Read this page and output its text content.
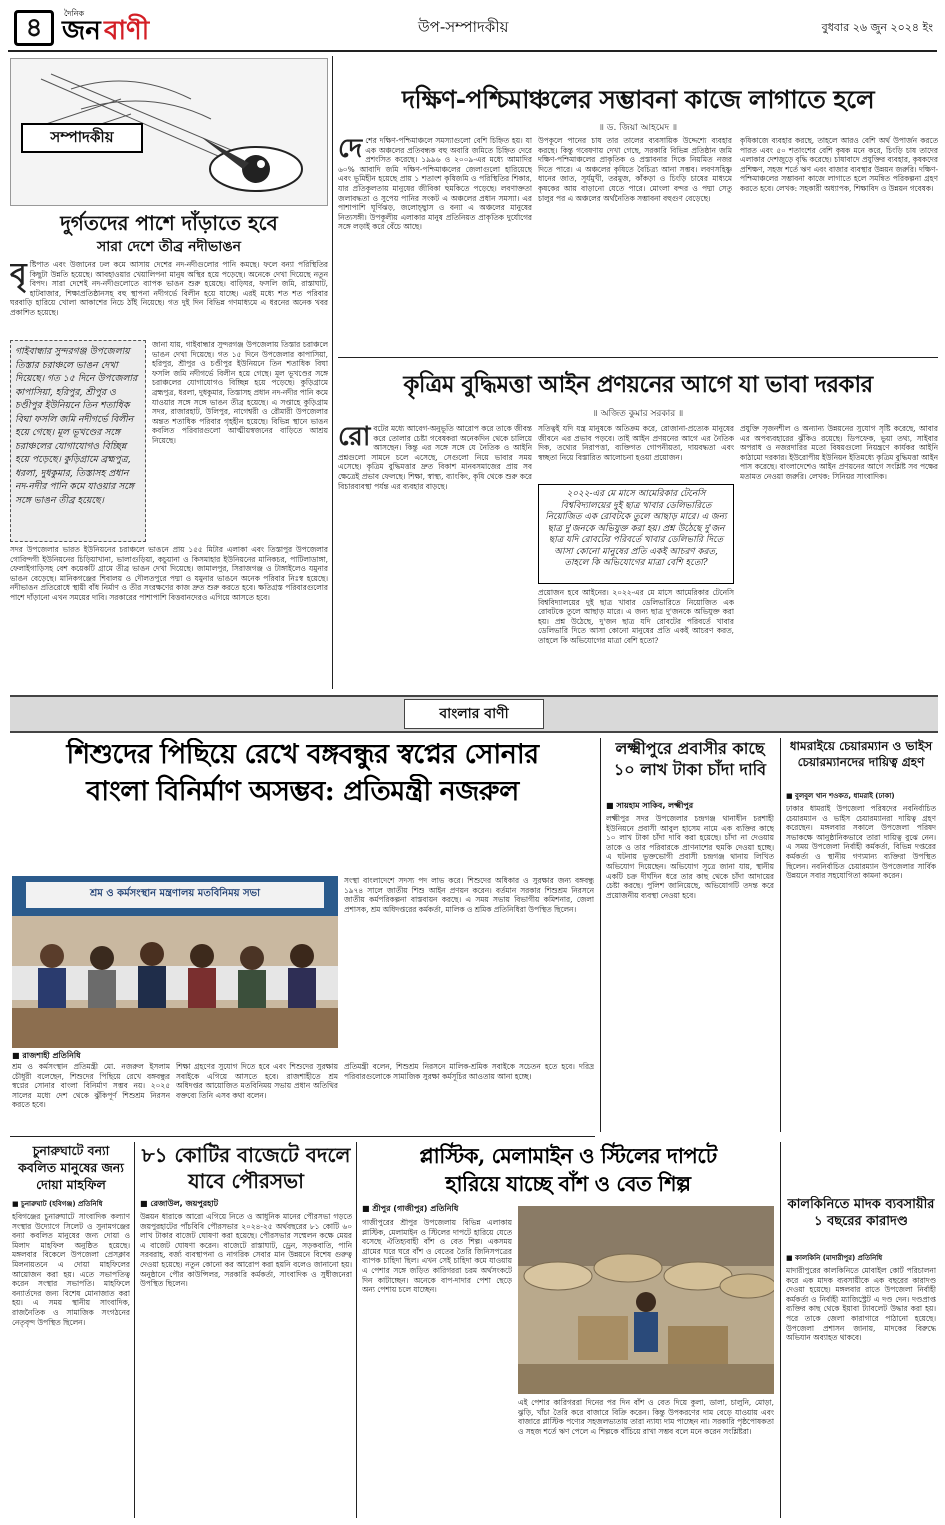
৪	দৈনিক
জন বাণী	উপ-সম্পাদকীয়	বুধবার ২৬ জুন ২০২৪ ইং
সম্পাদকীয়
দুর্গতদের পাশে দাঁড়াতে হবে
সারা দেশে তীব্র নদীভাঙন
বৃ ষ্টিপাত এবং উজানের ঢল কমে আসায় দেশের নদ-নদীগুলোর পানি কমছে। ফলে বন্যা পরিস্থিতির কিছুটা উন্নতি হয়েছে। আবহাওয়ার খেয়ালিপনা মানুষ অস্থির হয়ে পড়েছে। অনেকে দেখা দিয়েছে নতুন বিপদ। সারা দেশেই নদ-নদীগুলোতে ব্যাপক ভাঙন শুরু হয়েছে। বাড়িঘর, ফসলি জমি, রাস্তাঘাট, হাটবাজার, শিক্ষাপ্রতিষ্ঠানসহ বহু স্থাপনা নদীগর্ভে বিলীন হয়ে যাচ্ছে। এরই মধ্যে শত শত পরিবার ঘরবাড়ি হারিয়ে খোলা আকাশের নিচে ঠাঁই নিয়েছে। গত দুই দিন বিভিন্ন গণমাধ্যমে এ ধরনের অনেক খবর প্রকাশিত হয়েছে।
গাইবান্ধার সুন্দরগঞ্জ উপজেলায় তিস্তার চরাঞ্চলে ভাঙন দেখা দিয়েছে। গত ১৫ দিনে উপজেলার কাপাসিয়া, হরিপুর, শ্রীপুর ও চণ্ডীপুর ইউনিয়নে তিন শতাধিক বিঘা ফসলি জমি নদীগর্ভে বিলীন হয়ে গেছে। মূল ভূখণ্ডের সঙ্গে চরাঞ্চলের যোগাযোগও বিচ্ছিন্ন হয়ে পড়েছে। কুড়িগ্রামে ব্রহ্মপুত্র, ধরলা, দুধকুমার, তিস্তাসহ প্রধান নদ-নদীর পানি কমে যাওয়ার সঙ্গে সঙ্গে ভাঙন তীব্র হয়েছে।
জানা যায়, গাইবান্ধার সুন্দরগঞ্জ উপজেলায় তিস্তার চরাঞ্চলে ভাঙন দেখা দিয়েছে। গত ১৫ দিনে উপজেলার কাপাসিয়া, হরিপুর, শ্রীপুর ও চণ্ডীপুর ইউনিয়নে তিন শতাধিক বিঘা ফসলি জমি নদীগর্ভে বিলীন হয়ে গেছে। মূল ভূখণ্ডের সঙ্গে চরাঞ্চলের যোগাযোগও বিচ্ছিন্ন হয়ে পড়েছে। কুড়িগ্রামে ব্রহ্মপুত্র, ধরলা, দুধকুমার, তিস্তাসহ প্রধান নদ-নদীর পানি কমে যাওয়ার সঙ্গে সঙ্গে ভাঙন তীব্র হয়েছে। এ সপ্তাহে কুড়িগ্রাম সদর, রাজারহাট, উলিপুর, নাগেশ্বরী ও রৌমারী উপজেলার অন্তত শতাধিক পরিবার গৃহহীন হয়েছে। বিভিন্ন স্থানে ভাঙন কবলিত পরিবারগুলো আত্মীয়স্বজনের বাড়িতে আশ্রয় নিয়েছে।
সদর উপজেলার ভারত ইউনিয়নের চরাঞ্চলে ভাঙনে প্রায় ১৫৫ মিটার এলাকা এবং তিস্তাপুর উপজেলার গোবিন্দগী ইউনিয়নের চিড়িয়াখানা, ভালাগুড়িয়া, কচুয়ানা ও কিসমাহার ইউনিয়নের মানিকচর, পাটিলাডাঙ্গা, ফেলাইগাড়িসহ বেশ কয়েকটি গ্রামে তীব্র ভাঙন দেখা দিয়েছে। জামালপুর, সিরাজগঞ্জ ও টাঙ্গাইলেও যমুনার ভাঙন বেড়েছে। মানিকগঞ্জের শিবালয় ও দৌলতপুরে পদ্মা ও যমুনার ভাঙনে অনেক পরিবার নিঃস্ব হয়েছে। নদীভাঙন প্রতিরোধে স্থায়ী বাঁধ নির্মাণ ও তীর সংরক্ষণের কাজ দ্রুত শুরু করতে হবে। ক্ষতিগ্রস্ত পরিবারগুলোর পাশে দাঁড়ানো এখন সময়ের দাবি। সরকারের পাশাপাশি বিত্তবানদেরও এগিয়ে আসতে হবে।
দক্ষিণ-পশ্চিমাঞ্চলের সম্ভাবনা কাজে লাগাতে হলে
॥ ড. জিয়া আহমেদ ॥
দে শের দক্ষিণ-পশ্চিমাঞ্চলে সমস্যাগুলো বেশি চিহ্নিত হয়। যা এক অঞ্চলের প্রতিবন্ধক বহু অবারি জমিতে চিহ্নিত দেরে প্রশংসিত করেছে। ১৯৯৬ ও ২০০৯-এর মধ্যে আমাদির ৬০% আবাদি জমি দক্ষিণ-পশ্চিমাঞ্চলের জেলাগুলো হারিয়েছে এবং ভূমিহীন হয়েছে প্রায় ১ শতাংশ কৃষিজমি ও পরিস্থিতির শিকার, যার প্রতিকূলতায় মানুষের জীবিকা হুমকিতে পড়েছে। লবণাক্ততা জলাবদ্ধতা ও সুপেয় পানির সংকট এ অঞ্চলের প্রধান সমস্যা। এর পাশাপাশি ঘূর্ণিঝড়, জলোচ্ছ্বাস ও বন্যা এ অঞ্চলের মানুষের নিত্যসঙ্গী। উপকূলীয় এলাকার মানুষ প্রতিনিয়ত প্রাকৃতিক দুর্যোগের সঙ্গে লড়াই করে বেঁচে আছে।
উপকূলে পানের চাষ তার তালের ব্যবসায়িক উদ্দেশ্যে ব্যবহার করছে। কিন্তু গবেষণায় দেখা গেছে, সরকারি বিভিন্ন প্রতিষ্ঠান জমি দক্ষিণ-পশ্চিমাঞ্চলের প্রাকৃতিক ও প্রস্তাবনার দিকে নিয়মিত নজর দিতে পারে। এ অঞ্চলের কৃষিতে বৈচিত্র্য আনা সম্ভব। লবণসহিষ্ণু ধানের জাত, সূর্যমুখী, তরমুজ, কাঁকড়া ও চিংড়ি চাষের মাধ্যমে কৃষকের আয় বাড়ানো যেতে পারে। মোংলা বন্দর ও পদ্মা সেতু চালুর পর এ অঞ্চলের অর্থনৈতিক সম্ভাবনা বহুগুণ বেড়েছে।
কৃষিকাজে ব্যবহার করছে, তাহলে আরও বেশি অর্থ উপার্জন করতে পারত এবং ৫০ শতাংশের বেশি কৃষক মনে করে, চিংড়ি চাষ তাদের এলাকার দেশজুড়ে বৃদ্ধি করেছে। চাষাবাদে প্রযুক্তির ব্যবহার, কৃষকদের প্রশিক্ষণ, সহজ শর্তে ঋণ এবং বাজার ব্যবস্থার উন্নয়ন জরুরি। দক্ষিণ-পশ্চিমাঞ্চলের সম্ভাবনা কাজে লাগাতে হলে সমন্বিত পরিকল্পনা গ্রহণ করতে হবে। লেখক: সহকারী অধ্যাপক, শিক্ষাবিদ ও উন্নয়ন গবেষক।
কৃত্রিম বুদ্ধিমত্তা আইন প্রণয়নের আগে যা ভাবা দরকার
॥ অজিত কুমার সরকার ॥
রো বটের মধ্যে আবেগ-অনুভূতি আরোপ করে তাকে জীবন্ত করে তোলার চেষ্টা গবেষকরা অনেকদিন থেকে চালিয়ে আসছেন। কিন্তু এর সঙ্গে সঙ্গে যে নৈতিক ও আইনি প্রশ্নগুলো সামনে চলে এসেছে, সেগুলো নিয়ে ভাবার সময় এসেছে। কৃত্রিম বুদ্ধিমত্তার দ্রুত বিকাশ মানবসমাজের প্রায় সব ক্ষেত্রেই প্রভাব ফেলছে। শিক্ষা, স্বাস্থ্য, ব্যাংকিং, কৃষি থেকে শুরু করে বিচারব্যবস্থা পর্যন্ত এর ব্যবহার বাড়ছে।
সতিত্বই যদি যন্ত্র মানুষকে অতিক্রম করে, রোজানা-প্রত্যেক মানুষের জীবনে এর প্রভাব পড়বে। তাই আইন প্রণয়নের আগে এর নৈতিক দিক, তথ্যের নিরাপত্তা, ব্যক্তিগত গোপনীয়তা, দায়বদ্ধতা এবং স্বচ্ছতা নিয়ে বিস্তারিত আলোচনা হওয়া প্রয়োজন।
২০২২-এর মে মাসে আমেরিকার টেনেসি বিশ্ববিদ্যালয়ের দুই ছাত্র খাবার ডেলিভারিতে নিয়োজিত এক রোবটকে তুলে আছাড় মারে। এ জন্য ছাত্র দু'জনকে অভিযুক্ত করা হয়। প্রশ্ন উঠেছে দু'জন ছাত্র যদি রোবটের পরিবর্তে খাবার ডেলিভারি দিতে আসা কোনো মানুষের প্রতি একই আচরণ করত, তাহলে কি অভিযোগের মাত্রা বেশি হতো?
প্রয়োজন হবে আইনের। ২০২২-এর মে মাসে আমেরিকার টেনেসি বিশ্ববিদ্যালয়ের দুই ছাত্র খাবার ডেলিভারিতে নিয়োজিত এক রোবটকে তুলে আছাড় মারে। এ জন্য ছাত্র দু'জনকে অভিযুক্ত করা হয়। প্রশ্ন উঠেছে, দু'জন ছাত্র যদি রোবটের পরিবর্তে খাবার ডেলিভারি দিতে আসা কোনো মানুষের প্রতি একই আচরণ করত, তাহলে কি অভিযোগের মাত্রা বেশি হতো?
প্রযুক্তি সৃজনশীল ও অন্যান্য উন্নয়নের সুযোগ সৃষ্টি করেছে, আবার এর অপব্যবহারের ঝুঁকিও রয়েছে। ডিপফেক, ভুয়া তথ্য, সাইবার অপরাধ ও নজরদারির মতো বিষয়গুলো নিয়ন্ত্রণে কার্যকর আইনি কাঠামো দরকার। ইউরোপীয় ইউনিয়ন ইতিমধ্যে কৃত্রিম বুদ্ধিমত্তা আইন পাস করেছে। বাংলাদেশেও আইন প্রণয়নের আগে সংশ্লিষ্ট সব পক্ষের মতামত নেওয়া জরুরি। লেখক: সিনিয়র সাংবাদিক।
বাংলার বাণী
শিশুদের পিছিয়ে রেখে বঙ্গবন্ধুর স্বপ্নের সোনার
বাংলা বিনির্মাণ অসম্ভব: প্রতিমন্ত্রী নজরুল
শ্রম ও কর্মসংস্থান মন্ত্রণালয় মতবিনিময় সভা
■ রাজশাহী প্রতিনিধি
শ্রম ও কর্মসংস্থান প্রতিমন্ত্রী মো. নজরুল ইসলাম চৌধুরী বলেছেন, শিশুদের পিছিয়ে রেখে বঙ্গবন্ধুর স্বপ্নের সোনার বাংলা বিনির্মাণ সম্ভব নয়। ২০২৫ সালের মধ্যে দেশ থেকে ঝুঁকিপূর্ণ শিশুশ্রম নিরসন করতে হবে।
শিক্ষা গ্রহণের সুযোগ দিতে হবে এবং শিশুদের সুরক্ষায় সবাইকে এগিয়ে আসতে হবে। রাজশাহীতে শ্রম অধিদপ্তর আয়োজিত মতবিনিময় সভায় প্রধান অতিথির বক্তব্যে তিনি এসব কথা বলেন।
সংস্থা বাংলাদেশে সদস্য পদ লাভ করে। শিশুদের অধিকার ও সুরক্ষার জন্য বঙ্গবন্ধু ১৯৭৪ সালে জাতীয় শিশু আইন প্রণয়ন করেন। বর্তমান সরকার শিশুশ্রম নিরসনে জাতীয় কর্মপরিকল্পনা বাস্তবায়ন করছে। এ সময় সভায় বিভাগীয় কমিশনার, জেলা প্রশাসক, শ্রম অধিদপ্তরের কর্মকর্তা, মালিক ও শ্রমিক প্রতিনিধিরা উপস্থিত ছিলেন।
প্রতিমন্ত্রী বলেন, শিশুশ্রম নিরসনে মালিক-শ্রমিক সবাইকে সচেতন হতে হবে। দরিদ্র পরিবারগুলোকে সামাজিক সুরক্ষা কর্মসূচির আওতায় আনা হচ্ছে।
লক্ষ্মীপুরে প্রবাসীর কাছে ১০ লাখ টাকা চাঁদা দাবি
■ সায়হাম সাকিব, লক্ষ্মীপুর
লক্ষ্মীপুর সদর উপজেলার চন্দ্রগঞ্জ থানাধীন চরশাহী ইউনিয়নে প্রবাসী আবুল হাসেম নামে এক ব্যক্তির কাছে ১০ লাখ টাকা চাঁদা দাবি করা হয়েছে। চাঁদা না দেওয়ায় তাকে ও তার পরিবারকে প্রাণনাশের হুমকি দেওয়া হচ্ছে। এ ঘটনায় ভুক্তভোগী প্রবাসী চন্দ্রগঞ্জ থানায় লিখিত অভিযোগ দিয়েছেন। অভিযোগ সূত্রে জানা যায়, স্থানীয় একটি চক্র দীর্ঘদিন ধরে তার কাছ থেকে চাঁদা আদায়ের চেষ্টা করছে। পুলিশ জানিয়েছে, অভিযোগটি তদন্ত করে প্রয়োজনীয় ব্যবস্থা নেওয়া হবে।
ধামরাইয়ে চেয়ারম্যান ও ভাইস চেয়ারম্যানদের দায়িত্ব গ্রহণ
■ বুলবুল খান শওকত, ধামরাই (ঢাকা)
ঢাকার ধামরাই উপজেলা পরিষদের নবনির্বাচিত চেয়ারম্যান ও ভাইস চেয়ারম্যানরা দায়িত্ব গ্রহণ করেছেন। মঙ্গলবার সকালে উপজেলা পরিষদ সভাকক্ষে আনুষ্ঠানিকভাবে তারা দায়িত্ব বুঝে নেন। এ সময় উপজেলা নির্বাহী কর্মকর্তা, বিভিন্ন দপ্তরের কর্মকর্তা ও স্থানীয় গণ্যমান্য ব্যক্তিরা উপস্থিত ছিলেন। নবনির্বাচিত চেয়ারম্যান উপজেলার সার্বিক উন্নয়নে সবার সহযোগিতা কামনা করেন।
চুনারুঘাটে বন্যা কবলিত মানুষের জন্য দোয়া মাহফিল
■ চুনারুঘাট (হবিগঞ্জ) প্রতিনিধি
হবিগঞ্জের চুনারুঘাটে সাংবাদিক কল্যাণ সংস্থার উদ্যোগে সিলেট ও সুনামগঞ্জের বন্যা কবলিত মানুষের জন্য দোয়া ও মিলাদ মাহফিল অনুষ্ঠিত হয়েছে। মঙ্গলবার বিকেলে উপজেলা প্রেসক্লাব মিলনায়তনে এ দোয়া মাহফিলের আয়োজন করা হয়। এতে সভাপতিত্ব করেন সংস্থার সভাপতি। মাহফিলে বন্যার্তদের জন্য বিশেষ মোনাজাত করা হয়। এ সময় স্থানীয় সাংবাদিক, রাজনৈতিক ও সামাজিক সংগঠনের নেতৃবৃন্দ উপস্থিত ছিলেন।
৮১ কোটির বাজেটে বদলে যাবে পৌরসভা
■ রেজাউল, জয়পুরহাট
উন্নয়ন ধারাকে আরো এগিয়ে নিতে ও আধুনিক মানের পৌরসভা গড়তে জয়পুরহাটের পাঁচবিবি পৌরসভার ২০২৪-২৫ অর্থবছরের ৮১ কোটি ৬০ লাখ টাকার বাজেট ঘোষণা করা হয়েছে। পৌরসভার সম্মেলন কক্ষে মেয়র এ বাজেট ঘোষণা করেন। বাজেটে রাস্তাঘাট, ড্রেন, সড়কবাতি, পানি সরবরাহ, বর্জ্য ব্যবস্থাপনা ও নাগরিক সেবার মান উন্নয়নে বিশেষ গুরুত্ব দেওয়া হয়েছে। নতুন কোনো কর আরোপ করা হয়নি বলেও জানানো হয়। অনুষ্ঠানে পৌর কাউন্সিলর, সরকারি কর্মকর্তা, সাংবাদিক ও সুধীজনেরা উপস্থিত ছিলেন।
প্লাস্টিক, মেলামাইন ও স্টিলের দাপটে
হারিয়ে যাচ্ছে বাঁশ ও বেত শিল্প
■ শ্রীপুর (গাজীপুর) প্রতিনিধি
গাজীপুরের শ্রীপুর উপজেলায় বিভিন্ন এলাকায় প্লাস্টিক, মেলামাইন ও স্টিলের দাপটে হারিয়ে যেতে বসেছে ঐতিহ্যবাহী বাঁশ ও বেত শিল্প। একসময় গ্রামের ঘরে ঘরে বাঁশ ও বেতের তৈরি জিনিসপত্রের ব্যাপক চাহিদা ছিল। এখন সেই চাহিদা কমে যাওয়ায় এ পেশার সঙ্গে জড়িত কারিগররা চরম অর্থসংকটে দিন কাটাচ্ছেন। অনেকে বাপ-দাদার পেশা ছেড়ে অন্য পেশায় চলে যাচ্ছেন।
এই পেশার কারিগররা দিনের পর দিন বাঁশ ও বেত দিয়ে কুলা, ডালা, চালুনি, মোড়া, ঝুড়ি, খাঁচা তৈরি করে বাজারে বিক্রি করেন। কিন্তু উপকরণের দাম বেড়ে যাওয়ায় এবং বাজারে প্লাস্টিক পণ্যের সহজলভ্যতায় তারা ন্যায্য দাম পাচ্ছেন না। সরকারি পৃষ্ঠপোষকতা ও সহজ শর্তে ঋণ পেলে এ শিল্পকে বাঁচিয়ে রাখা সম্ভব বলে মনে করেন সংশ্লিষ্টরা।
কালকিনিতে মাদক ব্যবসায়ীর ১ বছরের কারাদণ্ড
■ কালকিনি (মাদারীপুর) প্রতিনিধি
মাদারীপুরের কালকিনিতে মোবাইল কোর্ট পরিচালনা করে এক মাদক ব্যবসায়ীকে এক বছরের কারাদণ্ড দেওয়া হয়েছে। মঙ্গলবার রাতে উপজেলা নির্বাহী কর্মকর্তা ও নির্বাহী ম্যাজিস্ট্রেট এ দণ্ড দেন। দণ্ডপ্রাপ্ত ব্যক্তির কাছ থেকে ইয়াবা ট্যাবলেট উদ্ধার করা হয়। পরে তাকে জেলা কারাগারে পাঠানো হয়েছে। উপজেলা প্রশাসন জানায়, মাদকের বিরুদ্ধে অভিযান অব্যাহত থাকবে।
